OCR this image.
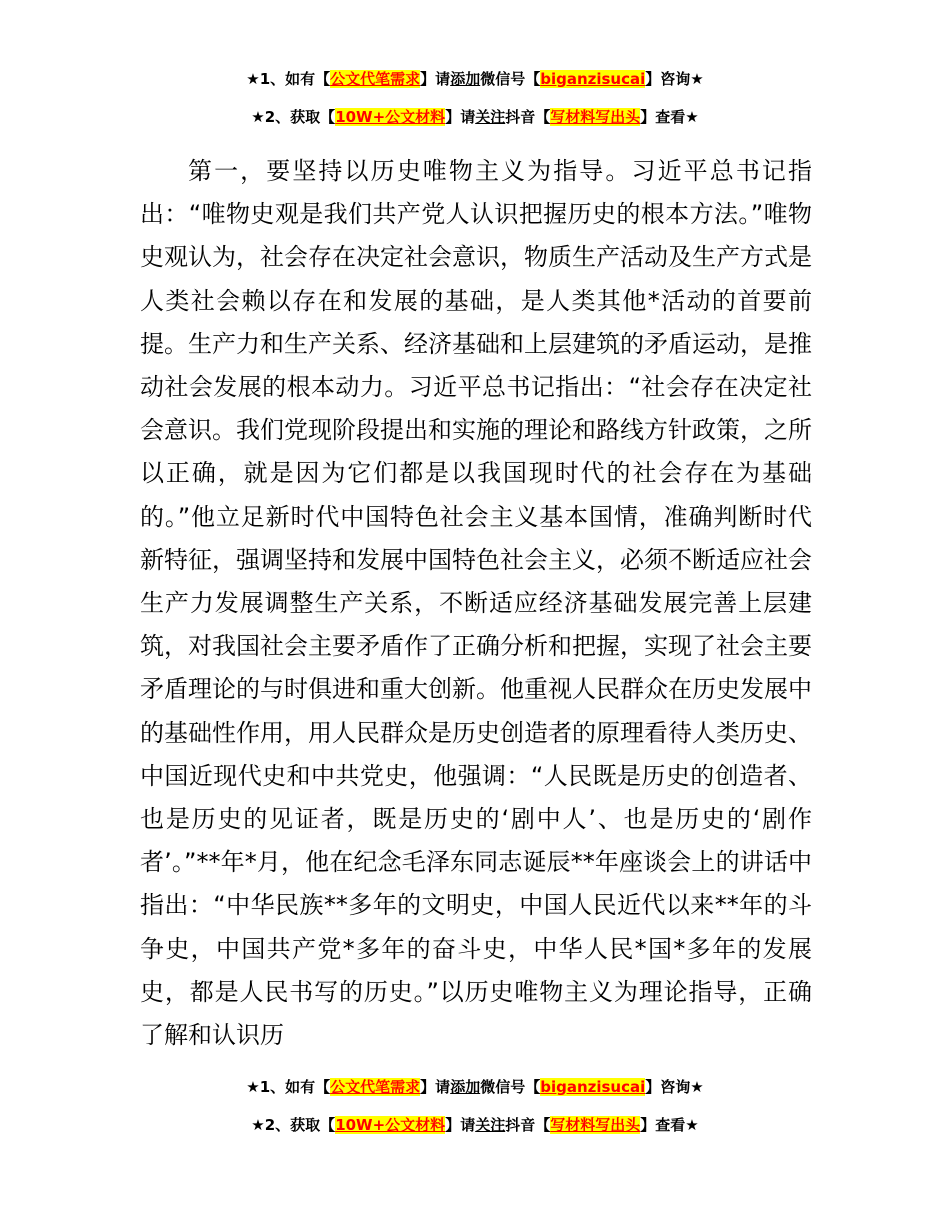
★1、如有【公文代笔需求】请添加微信号【biganzisucai】咨询★
★2、获取【10W+公文材料】请关注抖音【写材料写出头】查看★

第一，要坚持以历史唯物主义为指导。习近平总书记指出：“唯物史观是我们共产党人认识把握历史的根本方法。”唯物史观认为，社会存在决定社会意识，物质生产活动及生产方式是人类社会赖以存在和发展的基础，是人类其他*活动的首要前提。生产力和生产关系、经济基础和上层建筑的矛盾运动，是推动社会发展的根本动力。习近平总书记指出：“社会存在决定社会意识。我们党现阶段提出和实施的理论和路线方针政策，之所以正确，就是因为它们都是以我国现时代的社会存在为基础的。”他立足新时代中国特色社会主义基本国情，准确判断时代新特征，强调坚持和发展中国特色社会主义，必须不断适应社会生产力发展调整生产关系，不断适应经济基础发展完善上层建筑，对我国社会主要矛盾作了正确分析和把握，实现了社会主要矛盾理论的与时俱进和重大创新。他重视人民群众在历史发展中的基础性作用，用人民群众是历史创造者的原理看待人类历史、中国近现代史和中共党史，他强调：“人民既是历史的创造者、也是历史的见证者，既是历史的‘剧中人’、也是历史的‘剧作者’。”**年*月，他在纪念毛泽东同志诞辰**年座谈会上的讲话中指出：“中华民族**多年的文明史，中国人民近代以来**年的斗争史，中国共产党*多年的奋斗史，中华人民*国*多年的发展史，都是人民书写的历史。”以历史唯物主义为理论指导，正确了解和认识历

★1、如有【公文代笔需求】请添加微信号【biganzisucai】咨询★
★2、获取【10W+公文材料】请关注抖音【写材料写出头】查看★
